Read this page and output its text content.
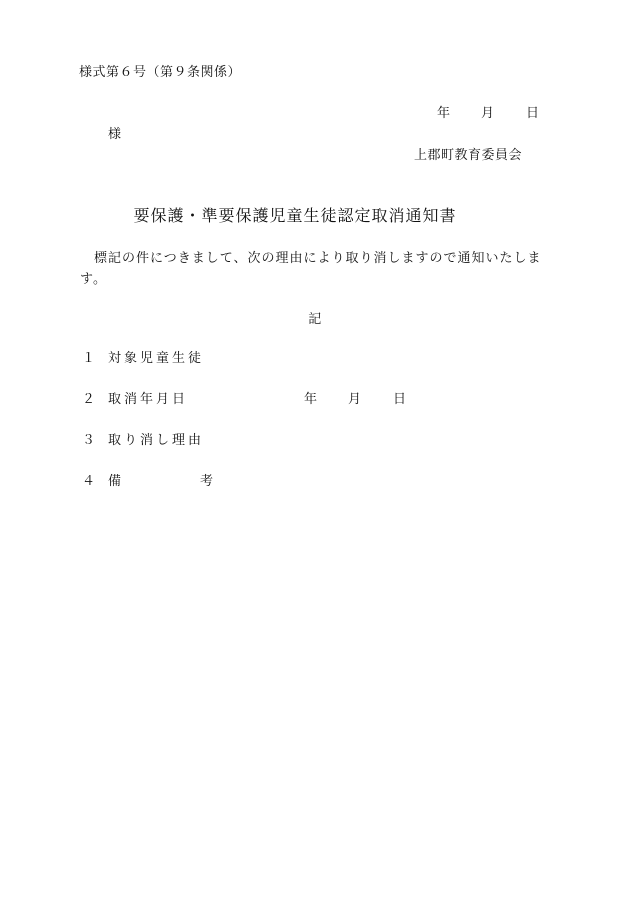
様式第６号（第９条関係）
年 月 日
様
上郡町教育委員会
要保護・準要保護児童生徒認定取消通知書
　標記の件につきまして、次の理由により取り消しますので通知いたします。
記
１ 対象児童生徒
２ 取消年月日	年 月 日
３ 取り消し理由
４ 備	考
